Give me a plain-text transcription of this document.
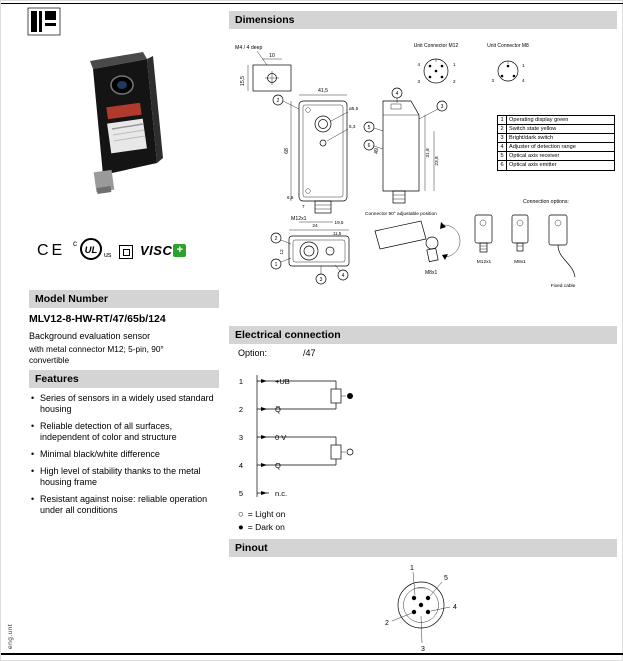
eng.unt
CE c
UL us VISC +
Model Number
MLV12-8-HW-RT/47/65b/124
Background evaluation sensor
with metal connector M12; 5-pin, 90° convertible
Features
• Series of sensors in a widely used standard housing
• Reliable detection of all surfaces, independent of color and structure
• Minimal black/white difference
• High level of stability thanks to the metal housing frame
• Resistant against noise: reliable operation under all conditions
Dimensions
M4 / 4 deep
10
15,5
41,5
68
ø5,5
5,3
M12x1
6,5
7
19,5
2
49	31,8
23,8
4
3
5
6
Unit Connector M12
1
2
3
4
Unit Connector M8
1
3	4
24
11,5
12
2
1
3
4
Connector 90° adjustable position
M8x1
Connection options:
M12x1	M8x1
Fixed cable
1 Operating display green
2 Switch state yellow
3 Bright/dark switch
4 Adjuster of detection range
5 Optical axis receiver
6 Optical axis emitter
Electrical connection
Option:	/47
1
2
3
4
5
+UB
Q̅
0 V
Q
n.c.
○ = Light on
● = Dark on
Pinout
1
5
4
3
2
